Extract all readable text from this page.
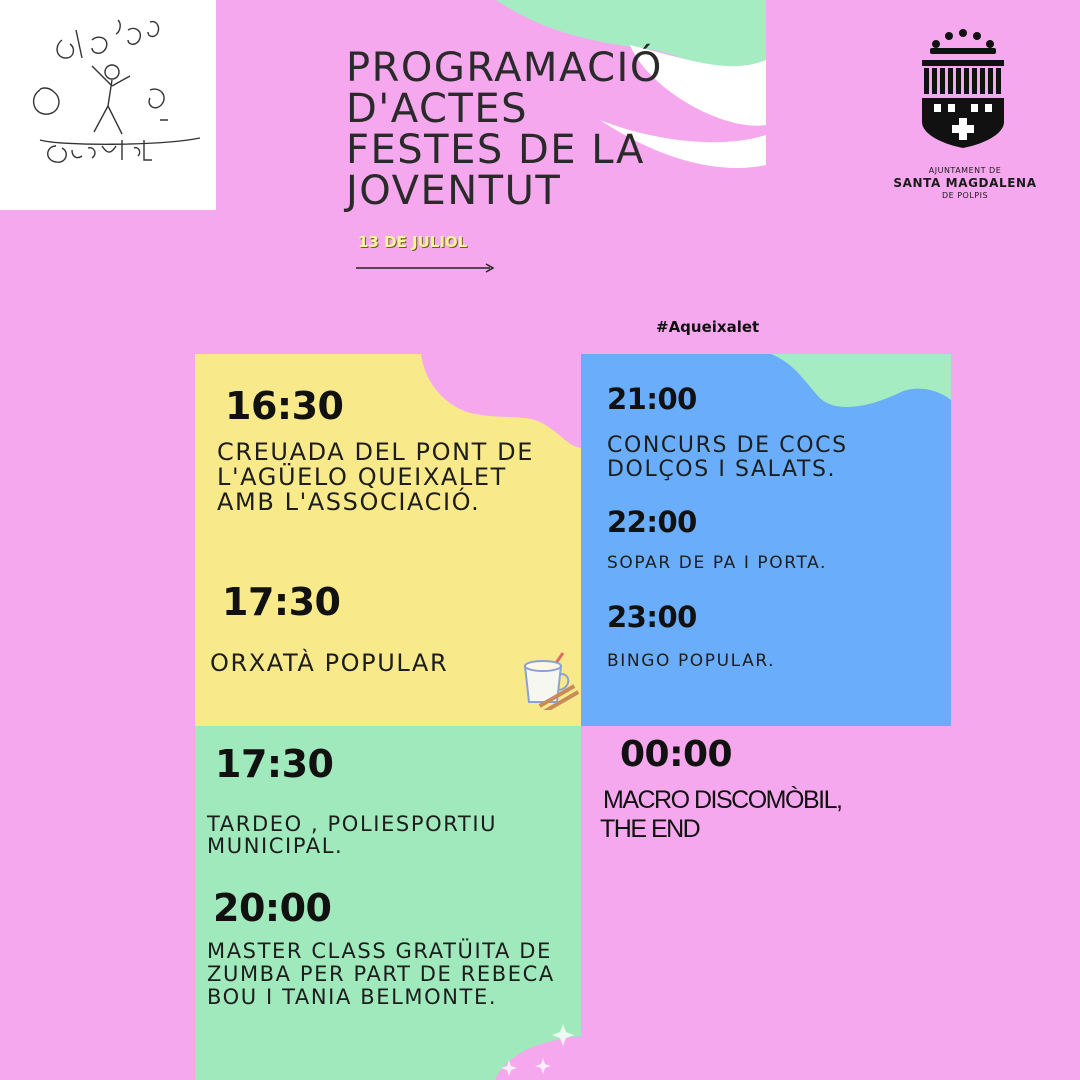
PROGRAMACIÓ
D'ACTES
FESTES DE LA
JOVENTUT
13 DE JULIOL
#Aqueixalet
AJUNTAMENT DE
SANTA MAGDALENA
DE POLPIS
16:30
CREUADA DEL PONT DE L'AGÜELO QUEIXALET AMB L'ASSOCIACIÓ.
17:30
ORXATÀ POPULAR
21:00
CONCURS DE COCS DOLÇOS I SALATS.
22:00
SOPAR DE PA I PORTA.
23:00
BINGO POPULAR.
17:30
TARDEO , POLIESPORTIU MUNICIPAL.
20:00
MASTER CLASS GRATÜITA DE ZUMBA PER PART DE REBECA BOU I TANIA BELMONTE.
00:00
MACRO DISCOMÒBIL, THE END
